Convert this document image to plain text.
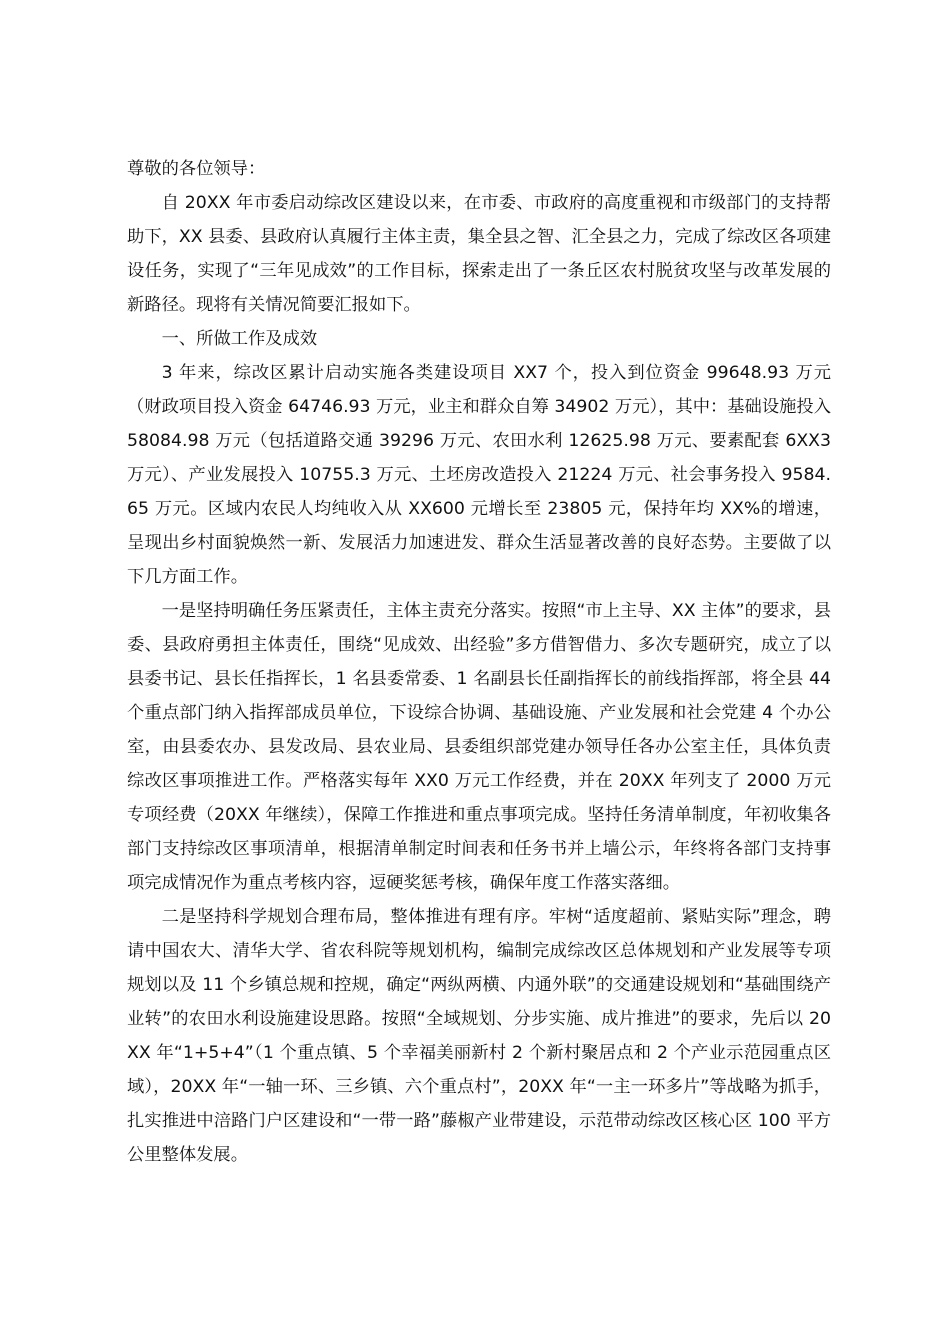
尊敬的各位领导：

自 20XX 年市委启动综改区建设以来，在市委、市政府的高度重视和市级部门的支持帮助下，XX 县委、县政府认真履行主体主责，集全县之智、汇全县之力，完成了综改区各项建设任务，实现了“三年见成效”的工作目标，探索走出了一条丘区农村脱贫攻坚与改革发展的新路径。现将有关情况简要汇报如下。

一、所做工作及成效

3 年来，综改区累计启动实施各类建设项目 XX7 个，投入到位资金 99648.93 万元（财政项目投入资金 64746.93 万元，业主和群众自筹 34902 万元），其中：基础设施投入 58084.98 万元（包括道路交通 39296 万元、农田水利 12625.98 万元、要素配套 6XX3 万元）、产业发展投入 10755.3 万元、土坯房改造投入 21224 万元、社会事务投入 9584.65 万元。区域内农民人均纯收入从 XX600 元增长至 23805 元，保持年均 XX%的增速，呈现出乡村面貌焕然一新、发展活力加速进发、群众生活显著改善的良好态势。主要做了以下几方面工作。

一是坚持明确任务压紧责任，主体主责充分落实。按照“市上主导、XX 主体”的要求，县委、县政府勇担主体责任，围绕“见成效、出经验”多方借智借力、多次专题研究，成立了以县委书记、县长任指挥长，1 名县委常委、1 名副县长任副指挥长的前线指挥部，将全县 44 个重点部门纳入指挥部成员单位，下设综合协调、基础设施、产业发展和社会党建 4 个办公室，由县委农办、县发改局、县农业局、县委组织部党建办领导任各办公室主任，具体负责综改区事项推进工作。严格落实每年 XX0 万元工作经费，并在 20XX 年列支了 2000 万元专项经费（20XX 年继续），保障工作推进和重点事项完成。坚持任务清单制度，年初收集各部门支持综改区事项清单，根据清单制定时间表和任务书并上墙公示，年终将各部门支持事项完成情况作为重点考核内容，逗硬奖惩考核，确保年度工作落实落细。

二是坚持科学规划合理布局，整体推进有理有序。牢树“适度超前、紧贴实际”理念，聘请中国农大、清华大学、省农科院等规划机构，编制完成综改区总体规划和产业发展等专项规划以及 11 个乡镇总规和控规，确定“两纵两横、内通外联”的交通建设规划和“基础围绕产业转”的农田水利设施建设思路。按照“全域规划、分步实施、成片推进”的要求，先后以 20XX 年“1+5+4”（1 个重点镇、5 个幸福美丽新村 2 个新村聚居点和 2 个产业示范园重点区域），20XX 年“一轴一环、三乡镇、六个重点村”，20XX 年“一主一环多片”等战略为抓手，扎实推进中涪路门户区建设和“一带一路”藤椒产业带建设，示范带动综改区核心区 100 平方公里整体发展。
